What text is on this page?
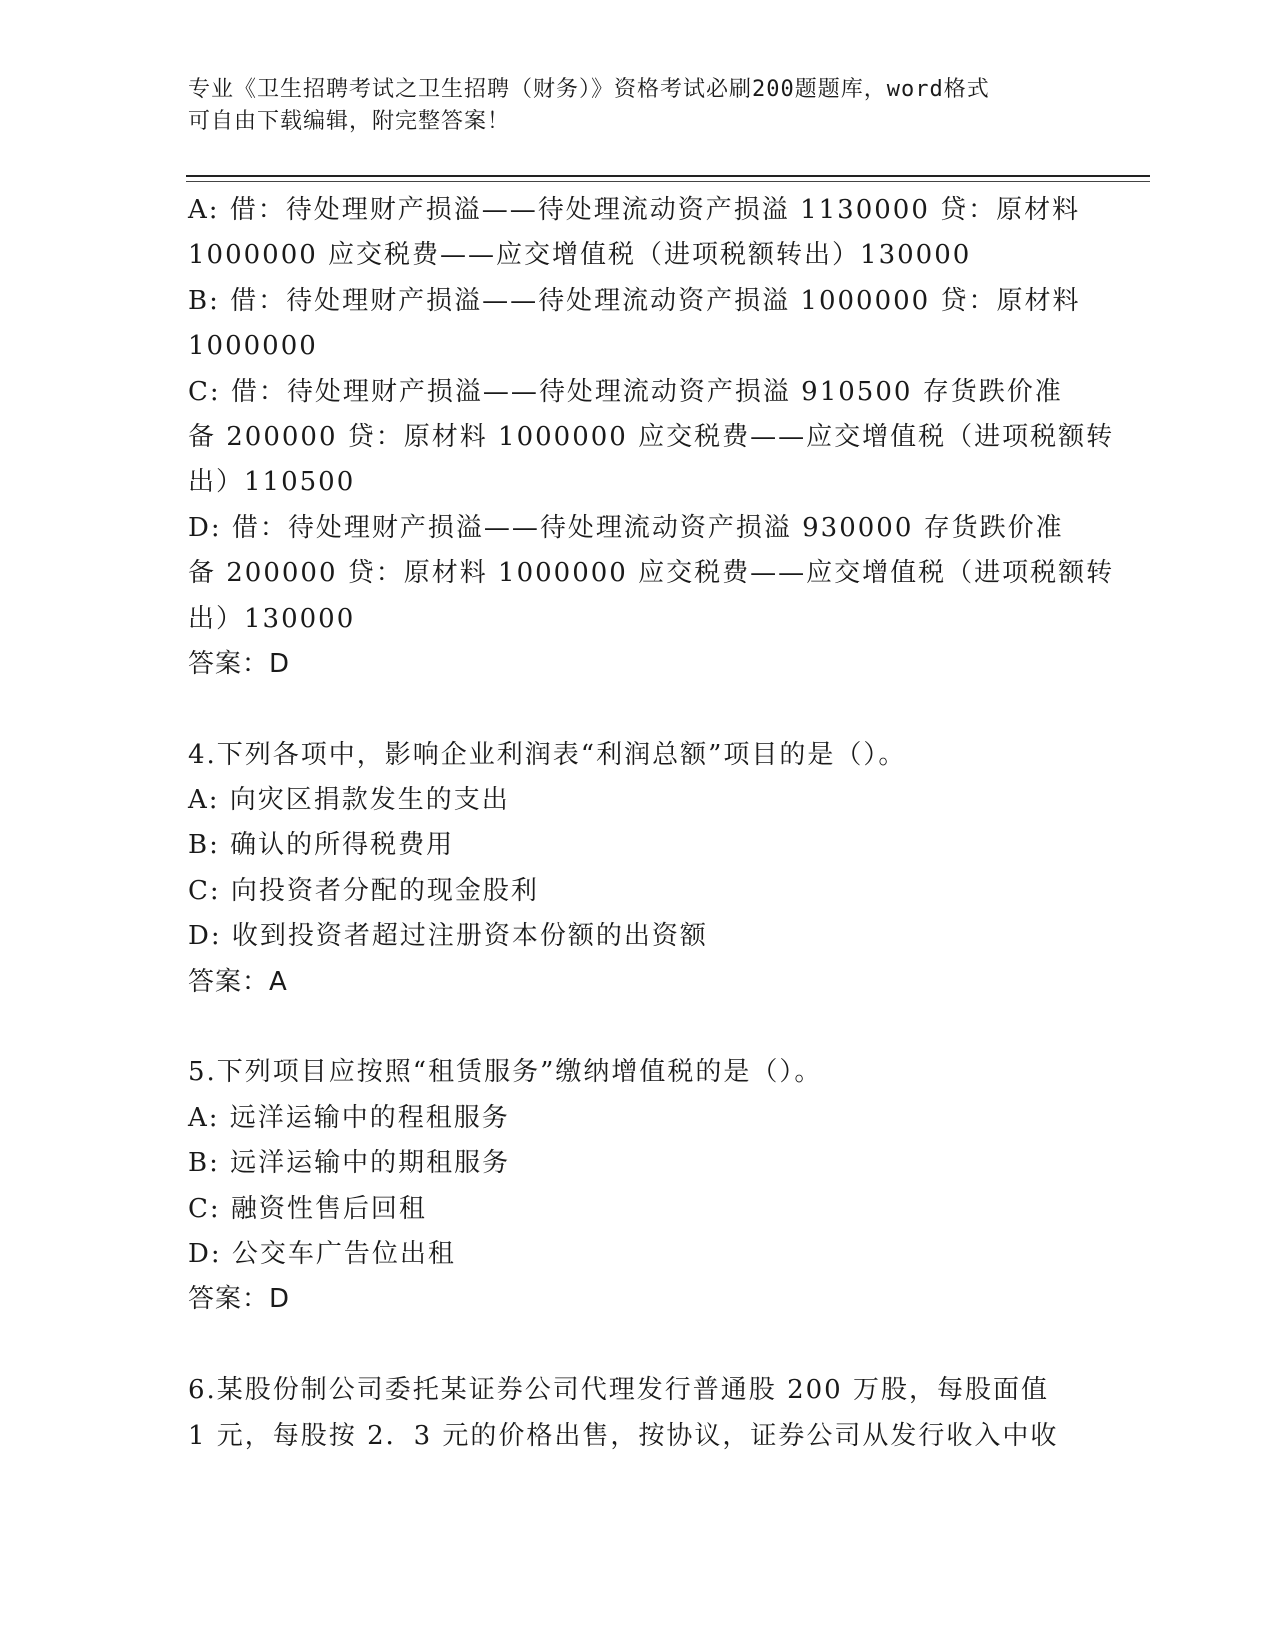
专业《卫生招聘考试之卫生招聘（财务）》资格考试必刷200题题库，word格式
可自由下载编辑，附完整答案！
A: 借：待处理财产损溢——待处理流动资产损溢 1130000 贷：原材料
1000000 应交税费——应交增值税（进项税额转出）130000
B: 借：待处理财产损溢——待处理流动资产损溢 1000000 贷：原材料
1000000
C: 借：待处理财产损溢——待处理流动资产损溢 910500 存货跌价准
备 200000 贷：原材料 1000000 应交税费——应交增值税（进项税额转
出）110500
D: 借：待处理财产损溢——待处理流动资产损溢 930000 存货跌价准
备 200000 贷：原材料 1000000 应交税费——应交增值税（进项税额转
出）130000
答案：D
4.下列各项中，影响企业利润表“利润总额”项目的是（）。
A: 向灾区捐款发生的支出
B: 确认的所得税费用
C: 向投资者分配的现金股利
D: 收到投资者超过注册资本份额的出资额
答案：A
5.下列项目应按照“租赁服务”缴纳增值税的是（）。
A: 远洋运输中的程租服务
B: 远洋运输中的期租服务
C: 融资性售后回租
D: 公交车广告位出租
答案：D
6.某股份制公司委托某证券公司代理发行普通股 200 万股，每股面值
1 元，每股按 2．3 元的价格出售，按协议，证券公司从发行收入中收
